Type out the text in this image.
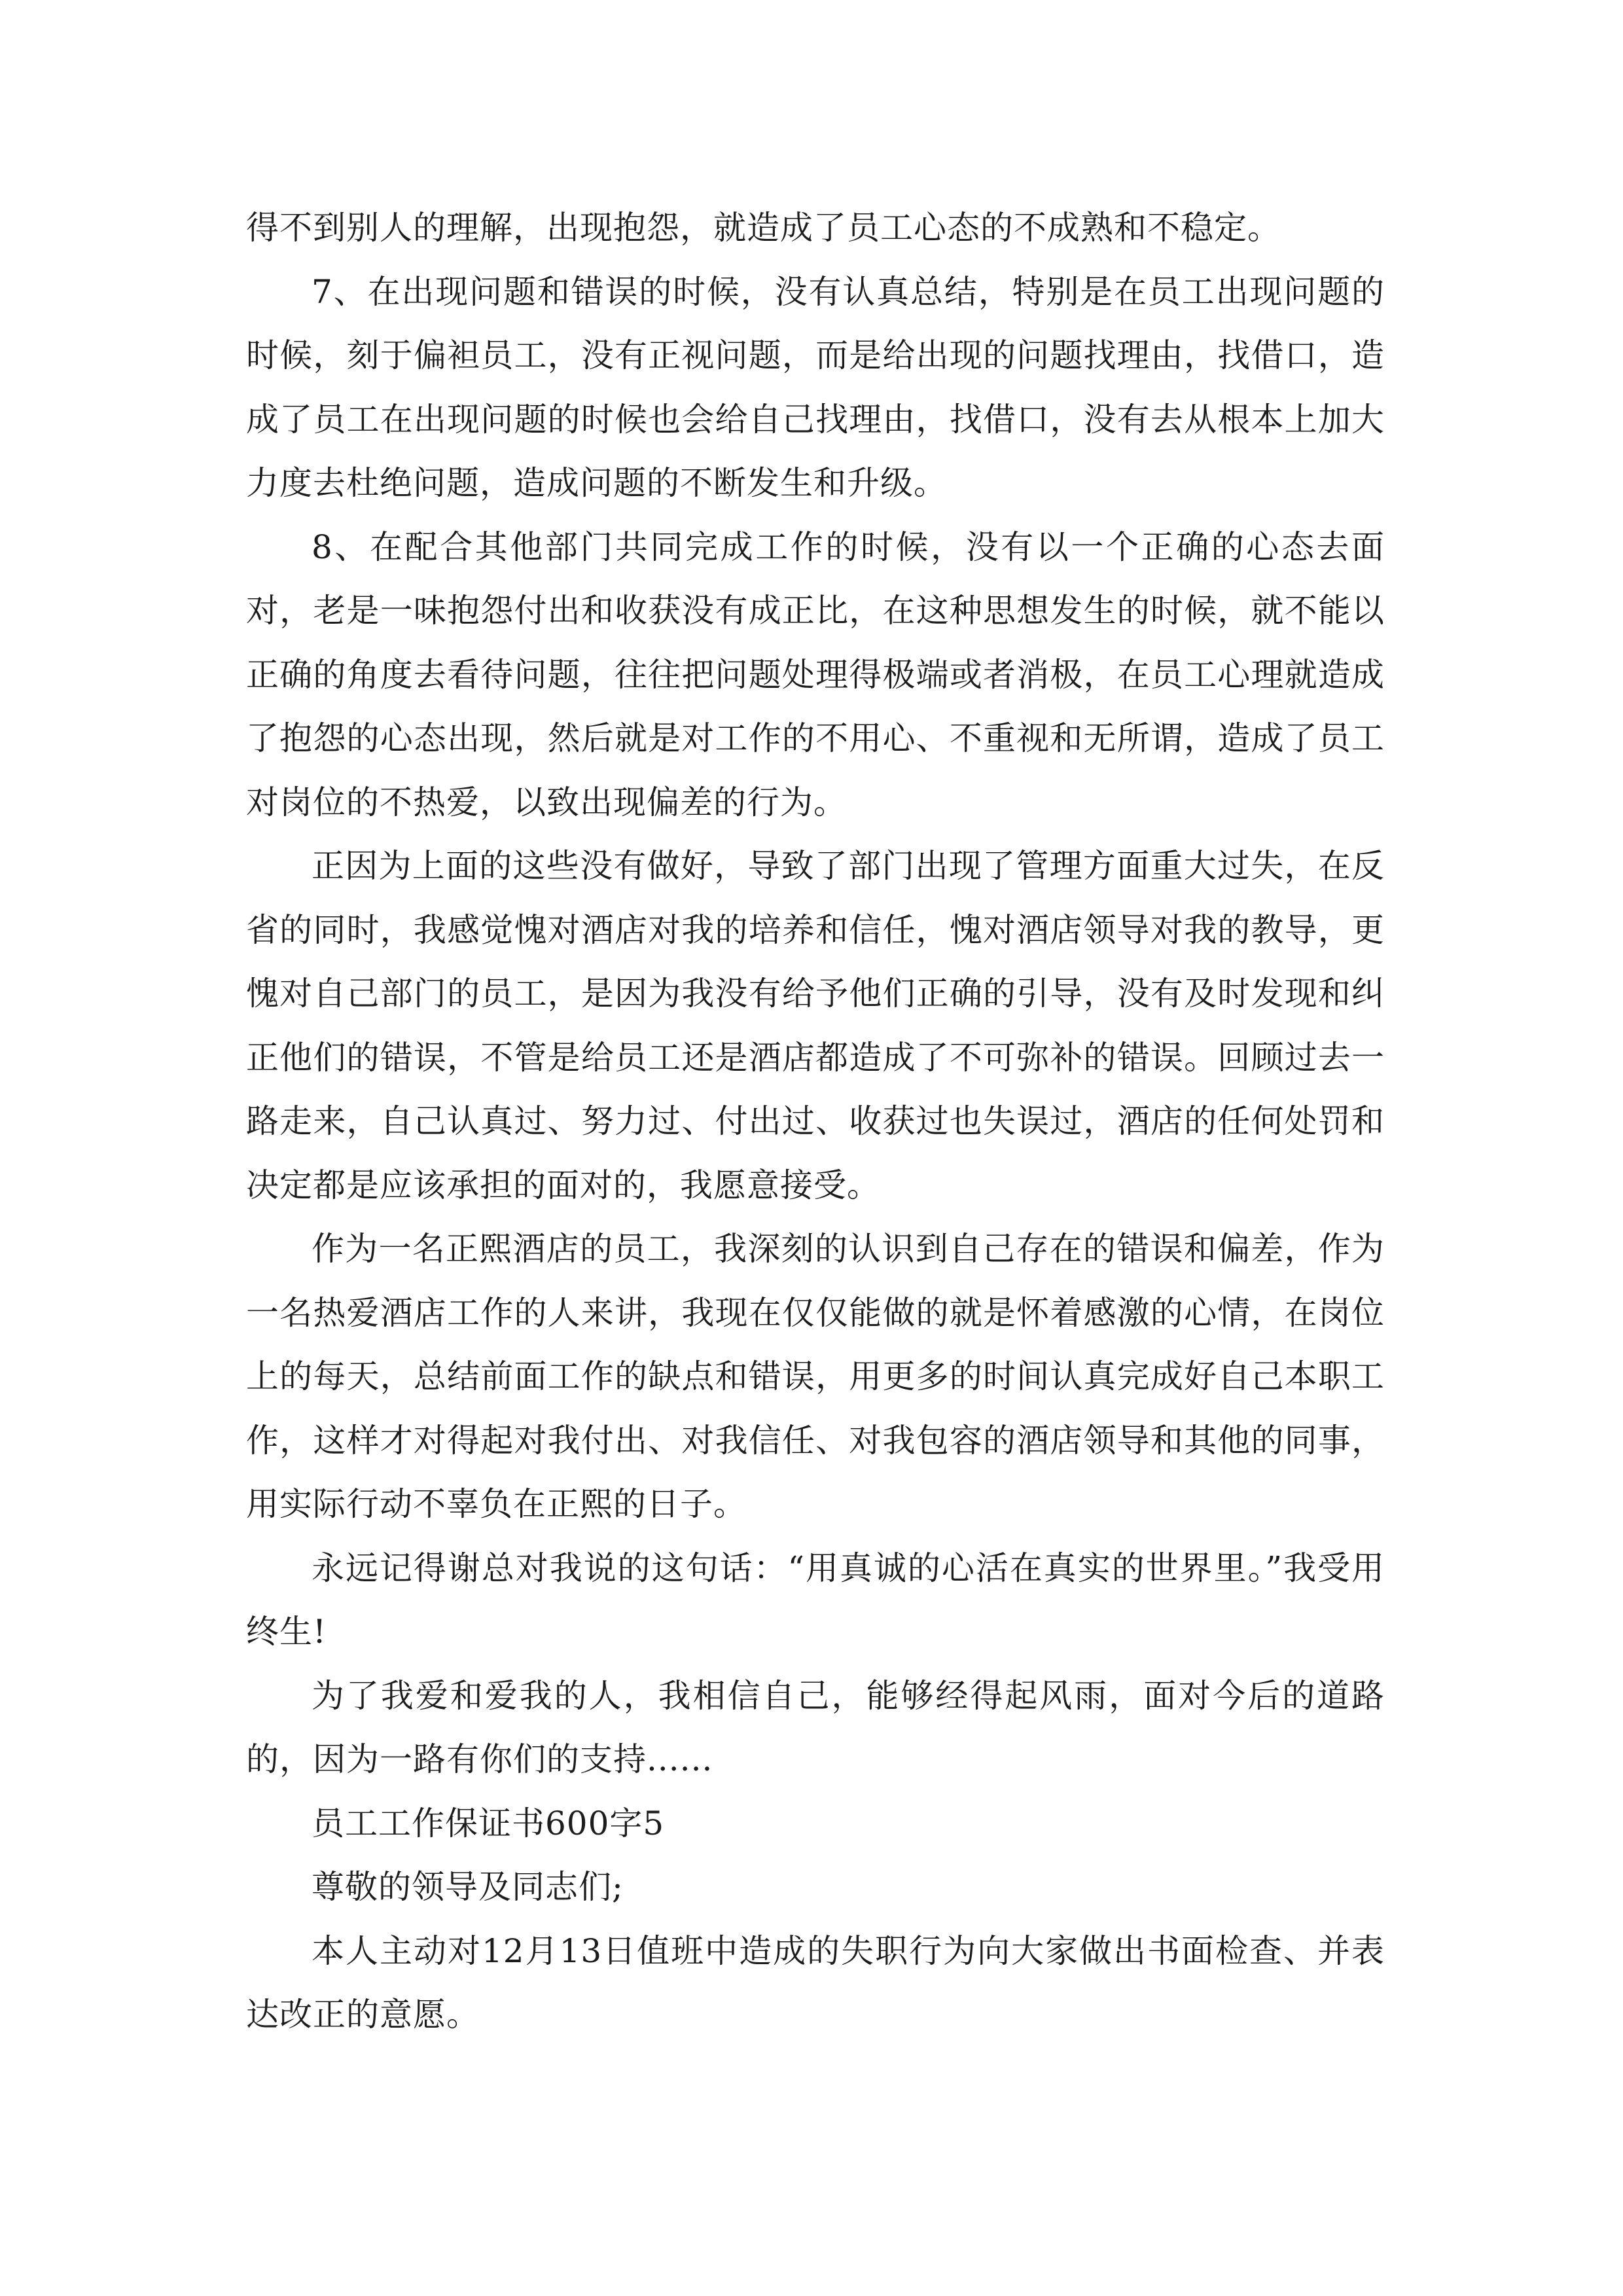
得不到别人的理解，出现抱怨，就造成了员工心态的不成熟和不稳定。

7、在出现问题和错误的时候，没有认真总结，特别是在员工出现问题的时候，刻于偏袒员工，没有正视问题，而是给出现的问题找理由，找借口，造成了员工在出现问题的时候也会给自己找理由，找借口，没有去从根本上加大力度去杜绝问题，造成问题的不断发生和升级。

8、在配合其他部门共同完成工作的时候，没有以一个正确的心态去面对，老是一味抱怨付出和收获没有成正比，在这种思想发生的时候，就不能以正确的角度去看待问题，往往把问题处理得极端或者消极，在员工心理就造成了抱怨的心态出现，然后就是对工作的不用心、不重视和无所谓，造成了员工对岗位的不热爱，以致出现偏差的行为。

正因为上面的这些没有做好，导致了部门出现了管理方面重大过失，在反省的同时，我感觉愧对酒店对我的培养和信任，愧对酒店领导对我的教导，更愧对自己部门的员工，是因为我没有给予他们正确的引导，没有及时发现和纠正他们的错误，不管是给员工还是酒店都造成了不可弥补的错误。回顾过去一路走来，自己认真过、努力过、付出过、收获过也失误过，酒店的任何处罚和决定都是应该承担的面对的，我愿意接受。

作为一名正熙酒店的员工，我深刻的认识到自己存在的错误和偏差，作为一名热爱酒店工作的人来讲，我现在仅仅能做的就是怀着感激的心情，在岗位上的每天，总结前面工作的缺点和错误，用更多的时间认真完成好自己本职工作，这样才对得起对我付出、对我信任、对我包容的酒店领导和其他的同事，用实际行动不辜负在正熙的日子。

永远记得谢总对我说的这句话：“用真诚的心活在真实的世界里。”我受用终生!

为了我爱和爱我的人，我相信自己，能够经得起风雨，面对今后的道路的，因为一路有你们的支持......

员工工作保证书600字5

尊敬的领导及同志们;

本人主动对12月13日值班中造成的失职行为向大家做出书面检查、并表达改正的意愿。
